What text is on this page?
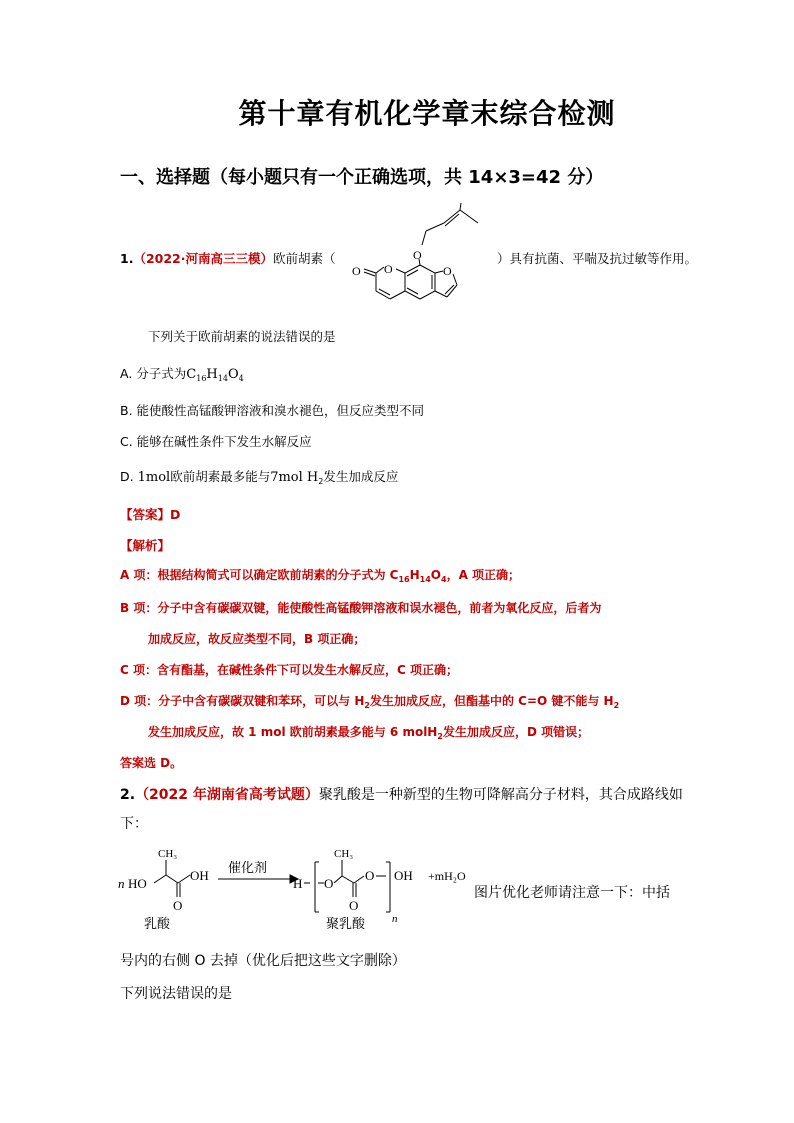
第十章有机化学章末综合检测
一、选择题（每小题只有一个正确选项，共 14×3=42 分）
1.（2022·河南高三三模）欧前胡素（	）具有抗菌、平喘及抗过敏等作用。
O
O	O
O
下列关于欧前胡素的说法错误的是
A. 分子式为$C_{16}H_{14}O_4$
B. 能使酸性高锰酸钾溶液和溴水褪色，但反应类型不同
C. 能够在碱性条件下发生水解反应
D. 1mol欧前胡素最多能与7mol $H_2$发生加成反应
【答案】D
【解析】
A 项：根据结构简式可以确定欧前胡素的分子式为 $C_{16}H_{14}O_4$，A 项正确；
B 项：分子中含有碳碳双键，能使酸性高锰酸钾溶液和误水褪色，前者为氧化反应，后者为
加成反应，故反应类型不同，B 项正确；
C 项：含有酯基，在碱性条件下可以发生水解反应，C 项正确；
D 项：分子中含有碳碳双键和苯环，可以与 $H_2$发生加成反应，但酯基中的 C=O 键不能与 $H_2$
发生加成反应，故 1 mol 欧前胡素最多能与 6 molH$_2$发生加成反应，D 项错误；
答案选 D。
2.（2022 年湖南省高考试题）聚乳酸是一种新型的生物可降解高分子材料，其合成路线如
下：
n HO
CH₃
OH
O
催化剂
H O
CH₃
O
O
OH
n
+mH₂O
乳酸	聚乳酸
图片优化老师请注意一下：中括
号内的右侧 O 去掉（优化后把这些文字删除）
下列说法错误的是
